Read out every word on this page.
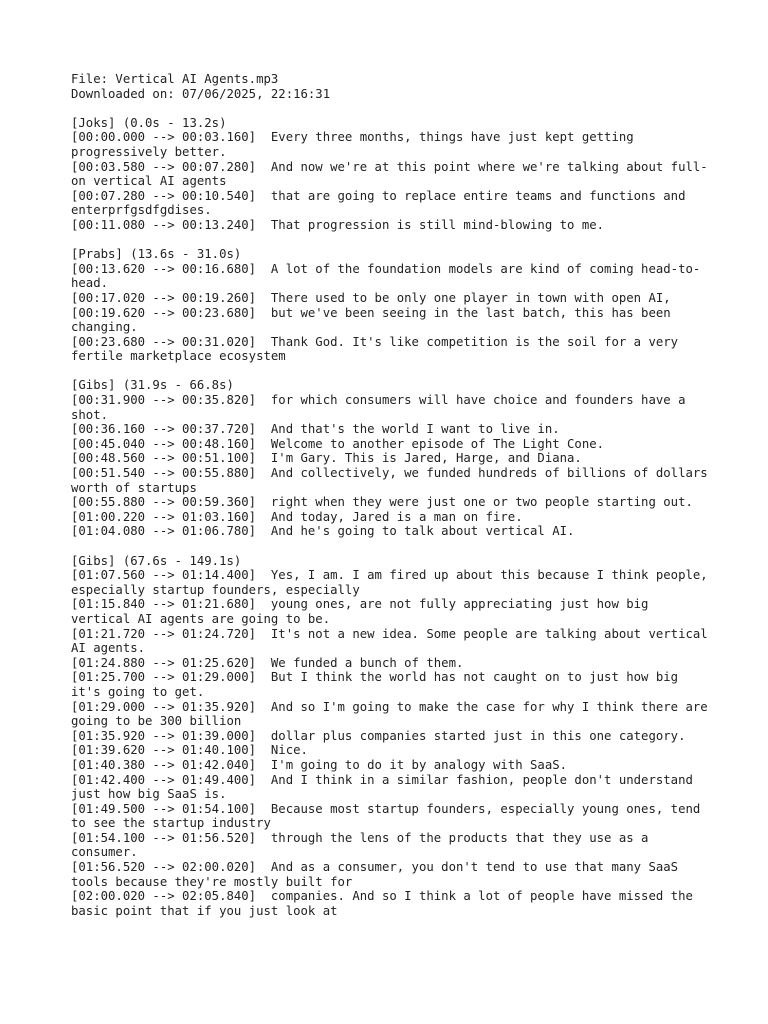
File: Vertical AI Agents.mp3
Downloaded on: 07/06/2025, 22:16:31
[Joks] (0.0s - 13.2s)
[00:00.000 --> 00:03.160]  Every three months, things have just kept getting progressively better.
[00:03.580 --> 00:07.280]  And now we're at this point where we're talking about full-on vertical AI agents
[00:07.280 --> 00:10.540]  that are going to replace entire teams and functions and enterprfgsdfgdises.
[00:11.080 --> 00:13.240]  That progression is still mind-blowing to me.
[Prabs] (13.6s - 31.0s)
[00:13.620 --> 00:16.680]  A lot of the foundation models are kind of coming head-to-head.
[00:17.020 --> 00:19.260]  There used to be only one player in town with open AI,
[00:19.620 --> 00:23.680]  but we've been seeing in the last batch, this has been changing.
[00:23.680 --> 00:31.020]  Thank God. It's like competition is the soil for a very fertile marketplace ecosystem
[Gibs] (31.9s - 66.8s)
[00:31.900 --> 00:35.820]  for which consumers will have choice and founders have a shot.
[00:36.160 --> 00:37.720]  And that's the world I want to live in.
[00:45.040 --> 00:48.160]  Welcome to another episode of The Light Cone.
[00:48.560 --> 00:51.100]  I'm Gary. This is Jared, Harge, and Diana.
[00:51.540 --> 00:55.880]  And collectively, we funded hundreds of billions of dollars worth of startups
[00:55.880 --> 00:59.360]  right when they were just one or two people starting out.
[01:00.220 --> 01:03.160]  And today, Jared is a man on fire.
[01:04.080 --> 01:06.780]  And he's going to talk about vertical AI.
[Gibs] (67.6s - 149.1s)
[01:07.560 --> 01:14.400]  Yes, I am. I am fired up about this because I think people, especially startup founders, especially
[01:15.840 --> 01:21.680]  young ones, are not fully appreciating just how big vertical AI agents are going to be.
[01:21.720 --> 01:24.720]  It's not a new idea. Some people are talking about vertical AI agents.
[01:24.880 --> 01:25.620]  We funded a bunch of them.
[01:25.700 --> 01:29.000]  But I think the world has not caught on to just how big it's going to get.
[01:29.000 --> 01:35.920]  And so I'm going to make the case for why I think there are going to be 300 billion
[01:35.920 --> 01:39.000]  dollar plus companies started just in this one category.
[01:39.620 --> 01:40.100]  Nice.
[01:40.380 --> 01:42.040]  I'm going to do it by analogy with SaaS.
[01:42.400 --> 01:49.400]  And I think in a similar fashion, people don't understand just how big SaaS is.
[01:49.500 --> 01:54.100]  Because most startup founders, especially young ones, tend to see the startup industry
[01:54.100 --> 01:56.520]  through the lens of the products that they use as a consumer.
[01:56.520 --> 02:00.020]  And as a consumer, you don't tend to use that many SaaS tools because they're mostly built for
[02:00.020 --> 02:05.840]  companies. And so I think a lot of people have missed the basic point that if you just look at
